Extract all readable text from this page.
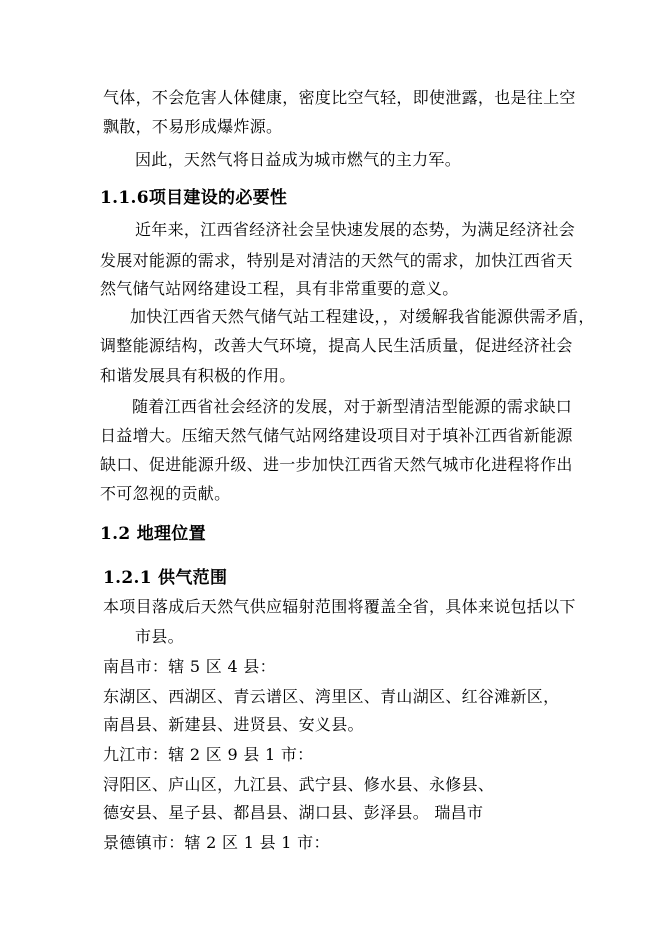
气体，不会危害人体健康，密度比空气轻，即使泄露，也是往上空
飘散，不易形成爆炸源。
因此，天然气将日益成为城市燃气的主力军。
1.1.6项目建设的必要性
近年来，江西省经济社会呈快速发展的态势，为满足经济社会
发展对能源的需求，特别是对清洁的天然气的需求，加快江西省天
然气储气站网络建设工程，具有非常重要的意义。
加快江西省天然气储气站工程建设，，对缓解我省能源供需矛盾，
调整能源结构，改善大气环境，提高人民生活质量，促进经济社会
和谐发展具有积极的作用。
随着江西省社会经济的发展，对于新型清洁型能源的需求缺口
日益增大。压缩天然气储气站网络建设项目对于填补江西省新能源
缺口、促进能源升级、进一步加快江西省天然气城市化进程将作出
不可忽视的贡献。
1.2 地理位置
1.2.1 供气范围
本项目落成后天然气供应辐射范围将覆盖全省，具体来说包括以下
市县。
南昌市：辖 5 区 4 县：
东湖区、西湖区、青云谱区、湾里区、青山湖区、红谷滩新区，
南昌县、新建县、进贤县、安义县。
九江市：辖 2 区 9 县 1 市：
浔阳区、庐山区，九江县、武宁县、修水县、永修县、
德安县、星子县、都昌县、湖口县、彭泽县。 瑞昌市
景德镇市：辖 2 区 1 县 1 市：
